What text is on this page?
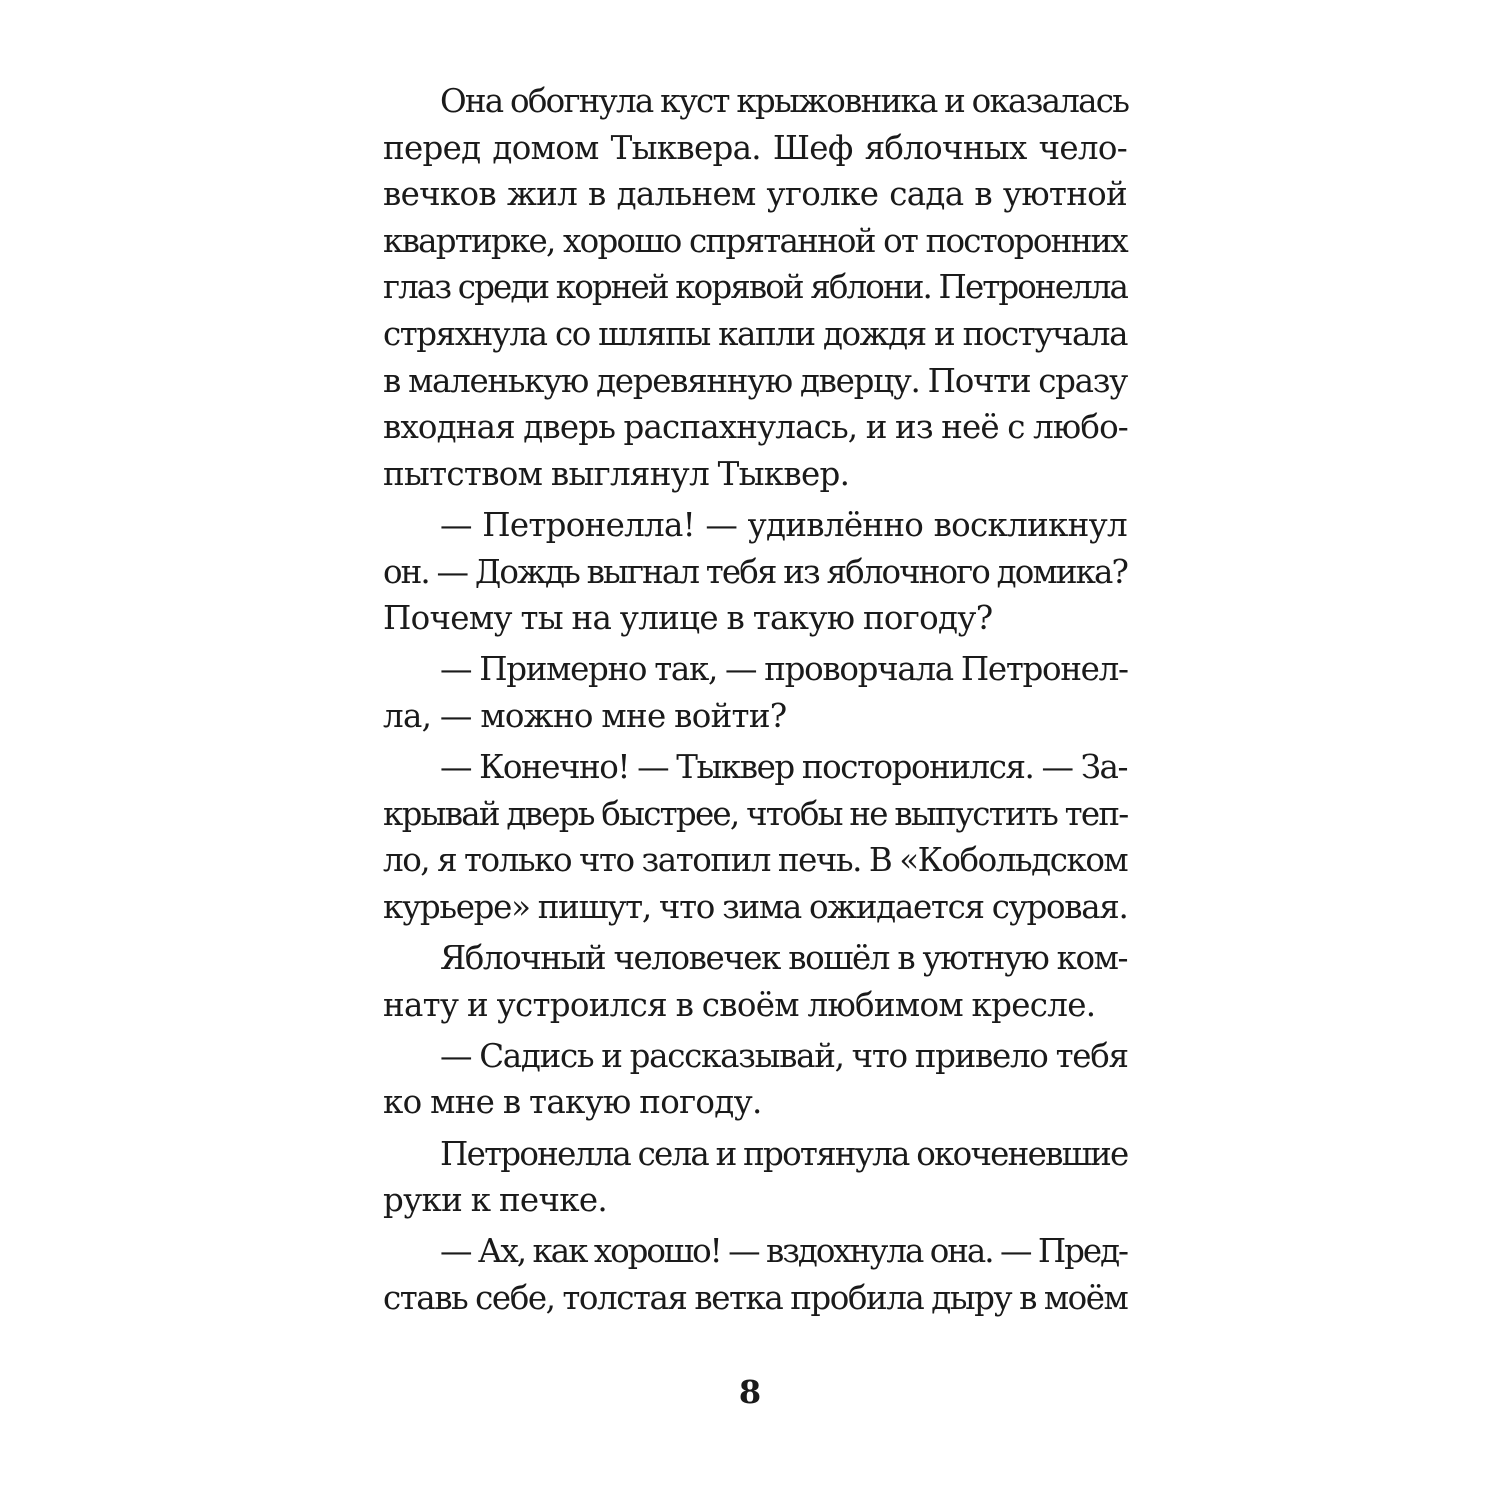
Она обогнула куст крыжовника и оказалась
перед домом Тыквера. Шеф яблочных чело-
вечков жил в дальнем уголке сада в уютной
квартирке, хорошо спрятанной от посторонних
глаз среди корней корявой яблони. Петронелла
стряхнула со шляпы капли дождя и постучала
в маленькую деревянную дверцу. Почти сразу
входная дверь распахнулась, и из неё с любо-
пытством выглянул Тыквер.
— Петронелла! — удивлённо воскликнул
он. — Дождь выгнал тебя из яблочного домика?
Почему ты на улице в такую погоду?
— Примерно так, — проворчала Петронел-
ла, — можно мне войти?
— Конечно! — Тыквер посторонился. — За-
крывай дверь быстрее, чтобы не выпустить теп-
ло, я только что затопил печь. В «Кобольдском
курьере» пишут, что зима ожидается суровая.
Яблочный человечек вошёл в уютную ком-
нату и устроился в своём любимом кресле.
— Садись и рассказывай, что привело тебя
ко мне в такую погоду.
Петронелла села и протянула окоченевшие
руки к печке.
— Ах, как хорошо! — вздохнула она. — Пред-
ставь себе, толстая ветка пробила дыру в моём
8
